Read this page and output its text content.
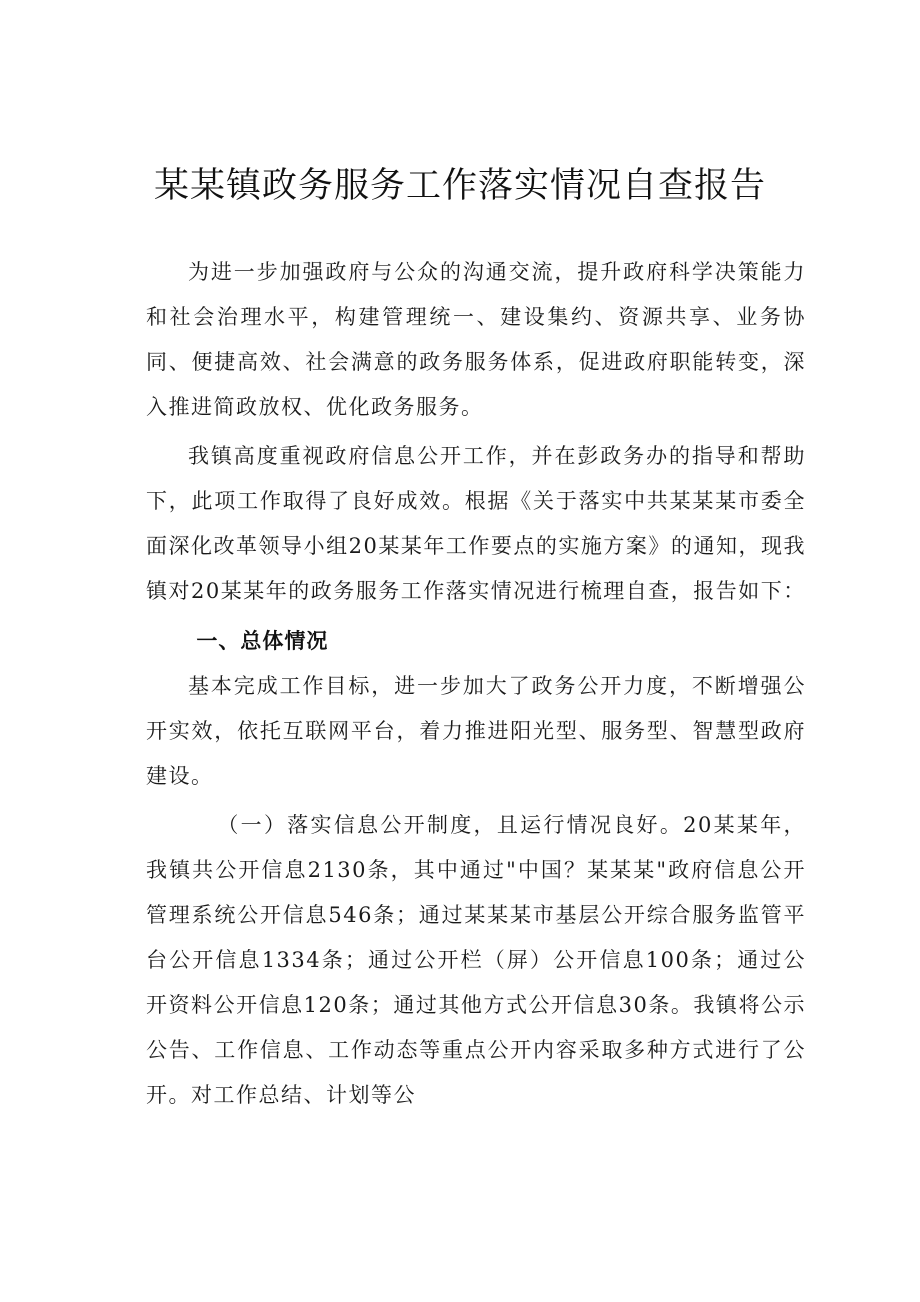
某某镇政务服务工作落实情况自查报告

为进一步加强政府与公众的沟通交流，提升政府科学决策能力和社会治理水平，构建管理统一、建设集约、资源共享、业务协同、便捷高效、社会满意的政务服务体系，促进政府职能转变，深入推进简政放权、优化政务服务。

我镇高度重视政府信息公开工作，并在彭政务办的指导和帮助下，此项工作取得了良好成效。根据《关于落实中共某某某市委全面深化改革领导小组20某某年工作要点的实施方案》的通知，现我镇对20某某年的政务服务工作落实情况进行梳理自查，报告如下：

一、总体情况

基本完成工作目标，进一步加大了政务公开力度，不断增强公开实效，依托互联网平台，着力推进阳光型、服务型、智慧型政府建设。

（一）落实信息公开制度，且运行情况良好。20某某年，我镇共公开信息2130条，其中通过"中国？某某某"政府信息公开管理系统公开信息546条；通过某某某市基层公开综合服务监管平台公开信息1334条；通过公开栏（屏）公开信息100条；通过公开资料公开信息120条；通过其他方式公开信息30条。我镇将公示公告、工作信息、工作动态等重点公开内容采取多种方式进行了公开。对工作总结、计划等公
